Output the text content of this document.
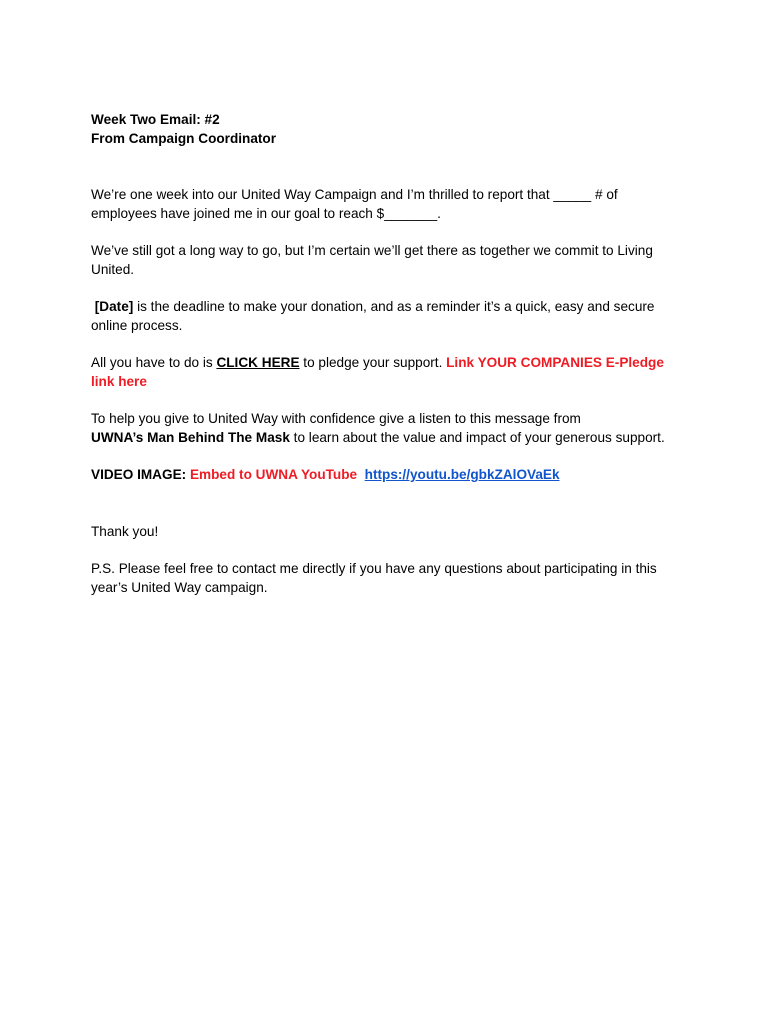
Week Two Email: #2

From Campaign Coordinator

We’re one week into our United Way Campaign and I’m thrilled to report that _____ # of

employees have joined me in our goal to reach $_______.

We’ve still got a long way to go, but I’m certain we’ll get there as together we commit to Living

United.

[Date] is the deadline to make your donation, and as a reminder it’s a quick, easy and secure

online process.

All you have to do is CLICK HERE to pledge your support. Link YOUR COMPANIES E-Pledge

link here

To help you give to United Way with confidence give a listen to this message from

UWNA’s Man Behind The Mask to learn about the value and impact of your generous support.

VIDEO IMAGE: Embed to UWNA YouTube https://youtu.be/gbkZAlOVaEk

Thank you!

P.S. Please feel free to contact me directly if you have any questions about participating in this

year’s United Way campaign.
